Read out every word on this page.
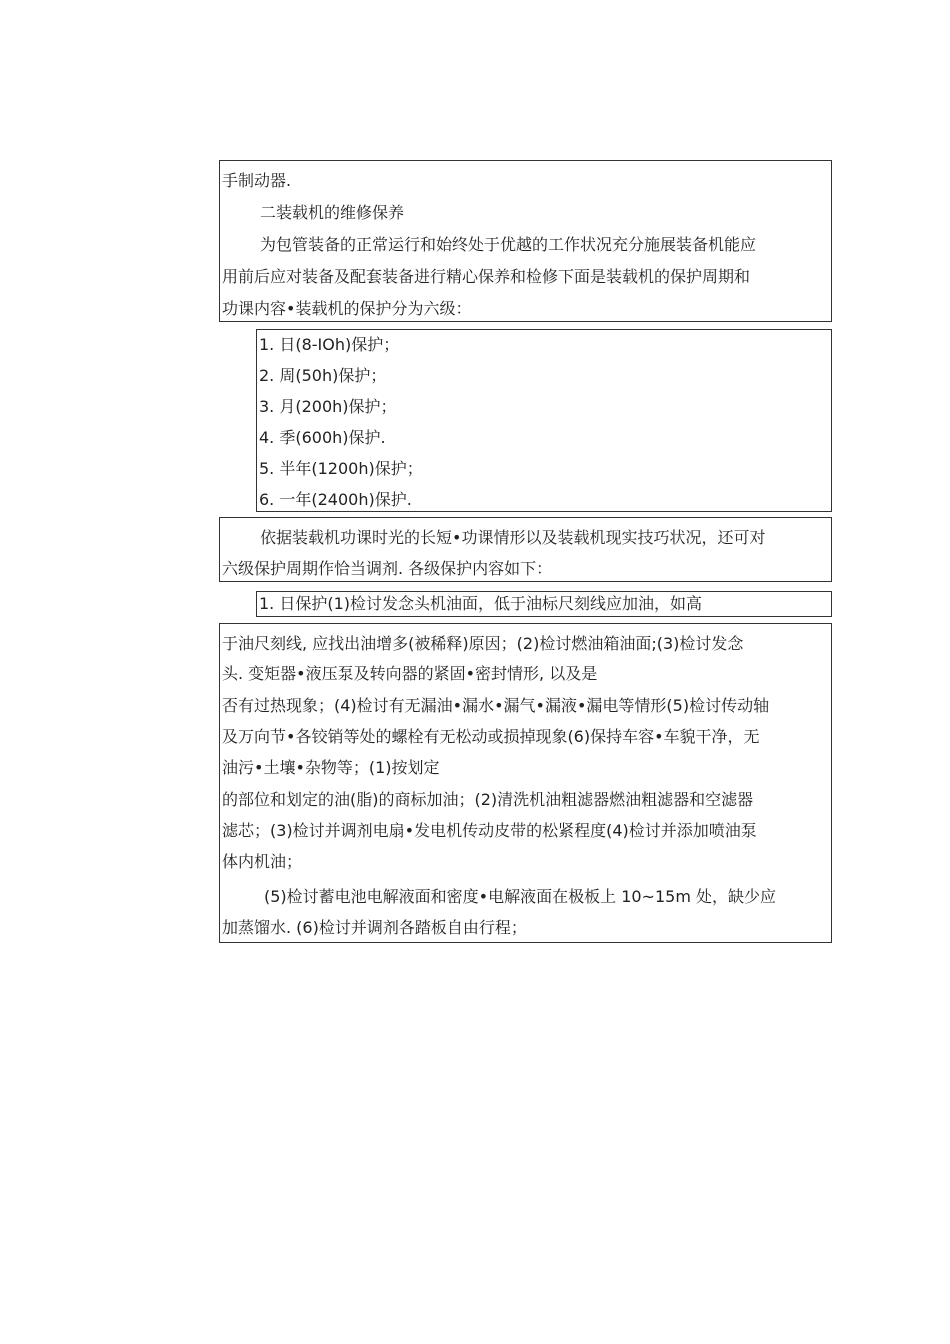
手制动器.
二装载机的维修保养
为包管装备的正常运行和始终处于优越的工作状况充分施展装备机能应
用前后应对装备及配套装备进行精心保养和检修下面是装载机的保护周期和
功课内容•装载机的保护分为六级：
1. 日(8-IOh)保护；
2. 周(50h)保护；
3. 月(200h)保护；
4. 季(600h)保护.
5. 半年(1200h)保护；
6. 一年(2400h)保护.
依据装载机功课时光的长短•功课情形以及装载机现实技巧状况，还可对
六级保护周期作恰当调剂. 各级保护内容如下：
1. 日保护(1)检讨发念头机油面，低于油标尺刻线应加油，如高
于油尺刻线, 应找出油增多(被稀释)原因；(2)检讨燃油箱油面;(3)检讨发念
头. 变矩器•液压泵及转向器的紧固•密封情形, 以及是
否有过热现象；(4)检讨有无漏油•漏水•漏气•漏液•漏电等情形(5)检讨传动轴
及万向节•各铰销等处的螺栓有无松动或损掉现象(6)保持车容•车貌干净，无
油污•土壤•杂物等；(1)按划定
的部位和划定的油(脂)的商标加油；(2)清洗机油粗滤器燃油粗滤器和空滤器
滤芯；(3)检讨并调剂电扇•发电机传动皮带的松紧程度(4)检讨并添加喷油泵
体内机油；
(5)检讨蓄电池电解液面和密度•电解液面在极板上 10~15m 处，缺少应
加蒸馏水. (6)检讨并调剂各踏板自由行程；
